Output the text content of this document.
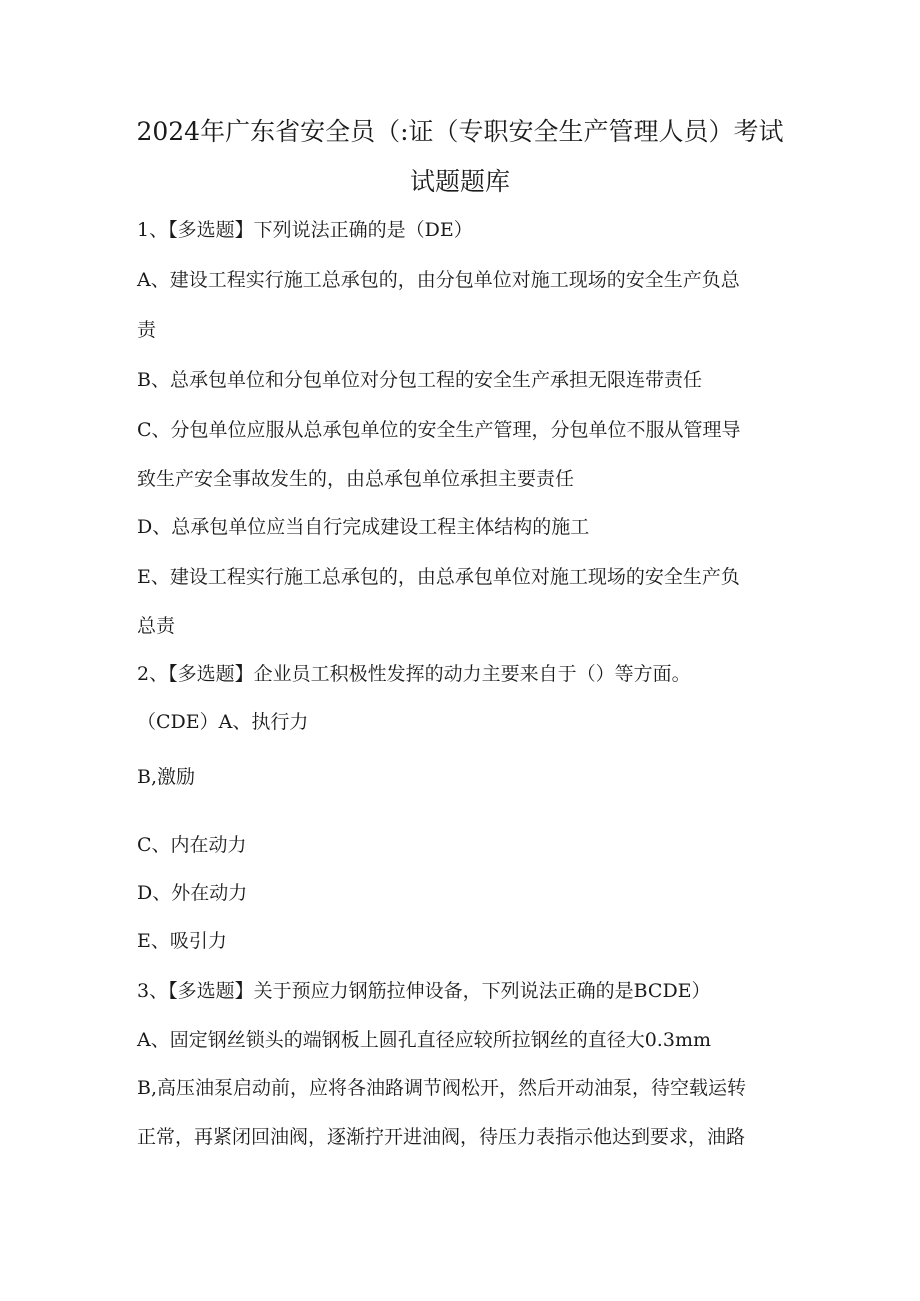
2024年广东省安全员（:证（专职安全生产管理人员）考试
试题题库
1、【多选题】下列说法正确的是（DE）
A、建设工程实行施工总承包的，由分包单位对施工现场的安全生产负总
责
B、总承包单位和分包单位对分包工程的安全生产承担无限连带责任
C、分包单位应服从总承包单位的安全生产管理，分包单位不服从管理导
致生产安全事故发生的，由总承包单位承担主要责任
D、总承包单位应当自行完成建设工程主体结构的施工
E、建设工程实行施工总承包的，由总承包单位对施工现场的安全生产负
总责
2、【多选题】企业员工积极性发挥的动力主要来自于（）等方面。
（CDE）A、执行力
B,激励
C、内在动力
D、外在动力
E、吸引力
3、【多选题】关于预应力钢筋拉伸设备，下列说法正确的是BCDE）
A、固定钢丝锁头的端钢板上圆孔直径应较所拉钢丝的直径大0.3mm
B,高压油泵启动前，应将各油路调节阀松开，然后开动油泵，待空载运转
正常，再紧闭回油阀，逐渐拧开进油阀，待压力表指示他达到要求，油路
